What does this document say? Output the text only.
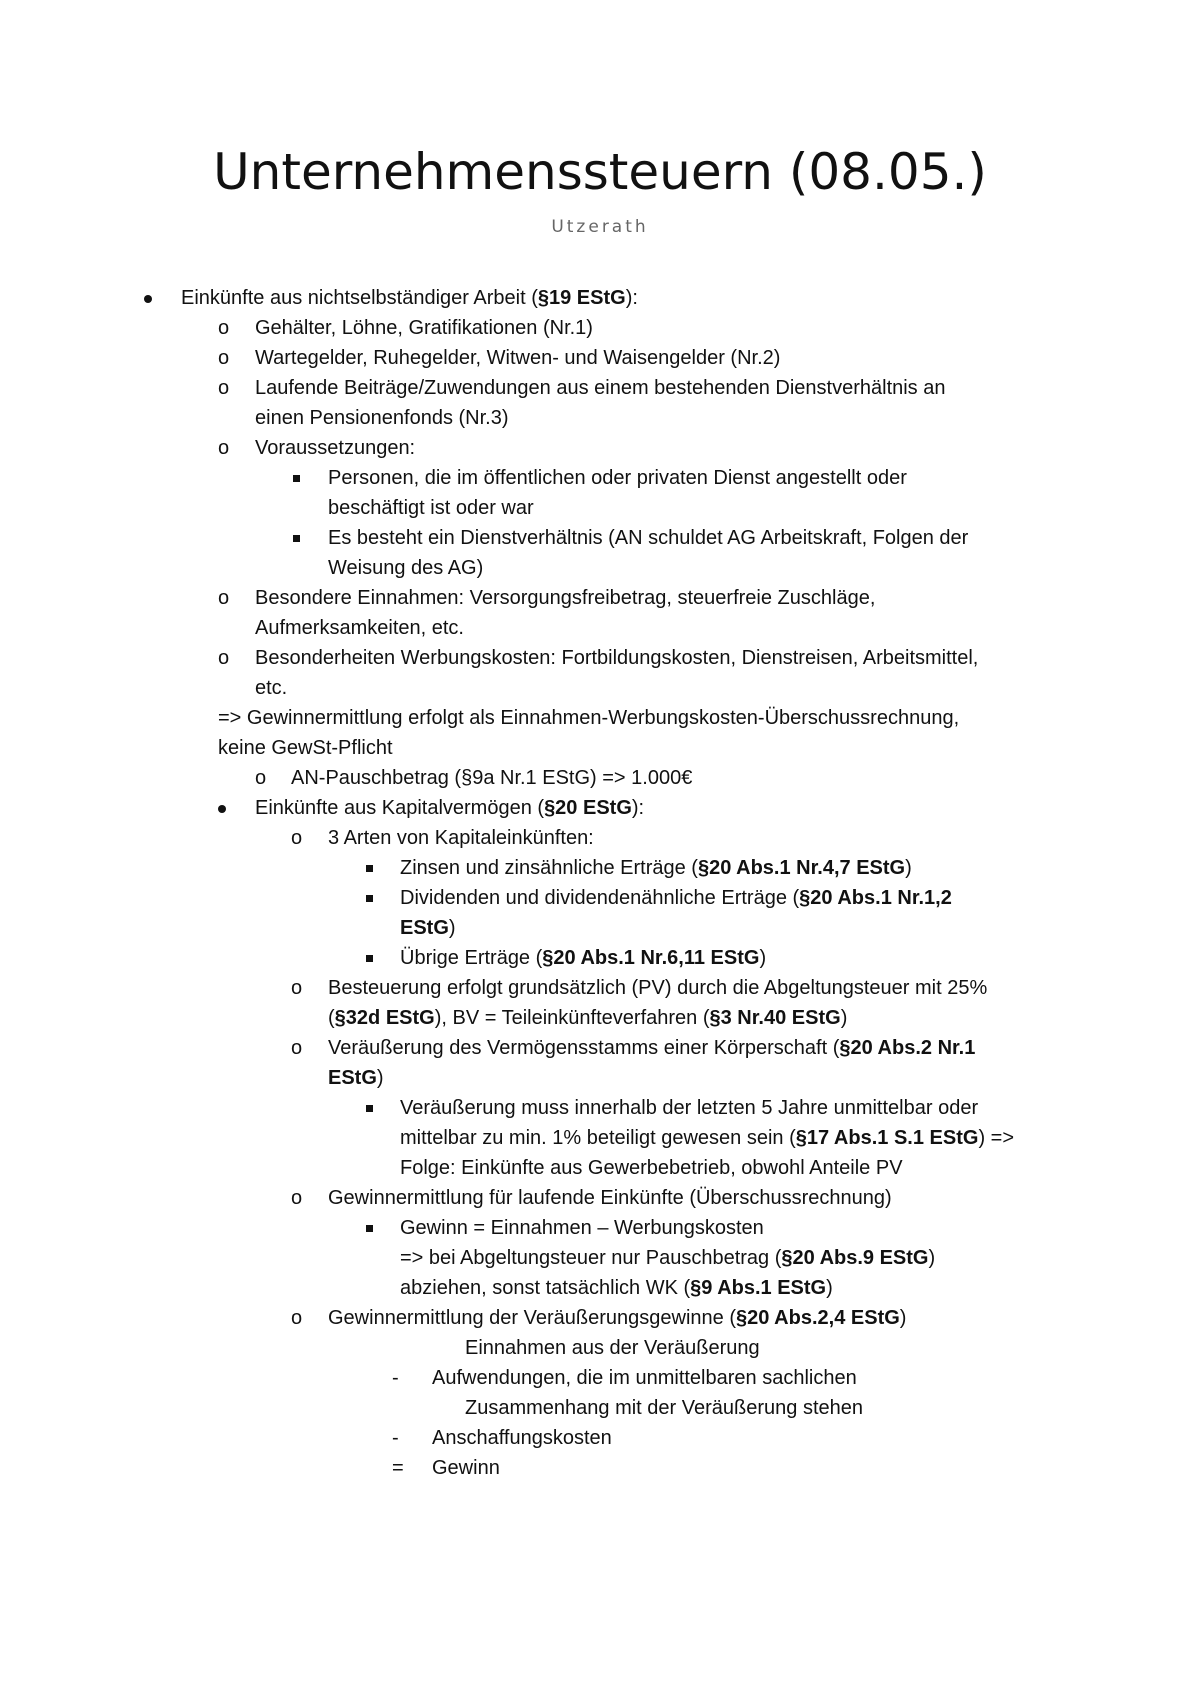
Unternehmenssteuern (08.05.)
Utzerath
Einkünfte aus nichtselbständiger Arbeit (§19 EStG):
o Gehälter, Löhne, Gratifikationen (Nr.1)
o Wartegelder, Ruhegelder, Witwen- und Waisengelder (Nr.2)
o Laufende Beiträge/Zuwendungen aus einem bestehenden Dienstverhältnis an
einen Pensionenfonds (Nr.3)
o Voraussetzungen:
Personen, die im öffentlichen oder privaten Dienst angestellt oder
beschäftigt ist oder war
Es besteht ein Dienstverhältnis (AN schuldet AG Arbeitskraft, Folgen der
Weisung des AG)
o Besondere Einnahmen: Versorgungsfreibetrag, steuerfreie Zuschläge,
Aufmerksamkeiten, etc.
o Besonderheiten Werbungskosten: Fortbildungskosten, Dienstreisen, Arbeitsmittel,
etc.
=> Gewinnermittlung erfolgt als Einnahmen-Werbungskosten-Überschussrechnung,
keine GewSt-Pflicht
o AN-Pauschbetrag (§9a Nr.1 EStG) => 1.000€
Einkünfte aus Kapitalvermögen (§20 EStG):
o 3 Arten von Kapitaleinkünften:
Zinsen und zinsähnliche Erträge (§20 Abs.1 Nr.4,7 EStG)
Dividenden und dividendenähnliche Erträge (§20 Abs.1 Nr.1,2
EStG)
Übrige Erträge (§20 Abs.1 Nr.6,11 EStG)
o Besteuerung erfolgt grundsätzlich (PV) durch die Abgeltungsteuer mit 25%
(§32d EStG), BV = Teileinkünfteverfahren (§3 Nr.40 EStG)
o Veräußerung des Vermögensstamms einer Körperschaft (§20 Abs.2 Nr.1
EStG)
Veräußerung muss innerhalb der letzten 5 Jahre unmittelbar oder
mittelbar zu min. 1% beteiligt gewesen sein (§17 Abs.1 S.1 EStG) =>
Folge: Einkünfte aus Gewerbebetrieb, obwohl Anteile PV
o Gewinnermittlung für laufende Einkünfte (Überschussrechnung)
Gewinn = Einnahmen – Werbungskosten
=> bei Abgeltungsteuer nur Pauschbetrag (§20 Abs.9 EStG)
abziehen, sonst tatsächlich WK (§9 Abs.1 EStG)
o Gewinnermittlung der Veräußerungsgewinne (§20 Abs.2,4 EStG)
Einnahmen aus der Veräußerung
- Aufwendungen, die im unmittelbaren sachlichen
Zusammenhang mit der Veräußerung stehen
- Anschaffungskosten
= Gewinn
